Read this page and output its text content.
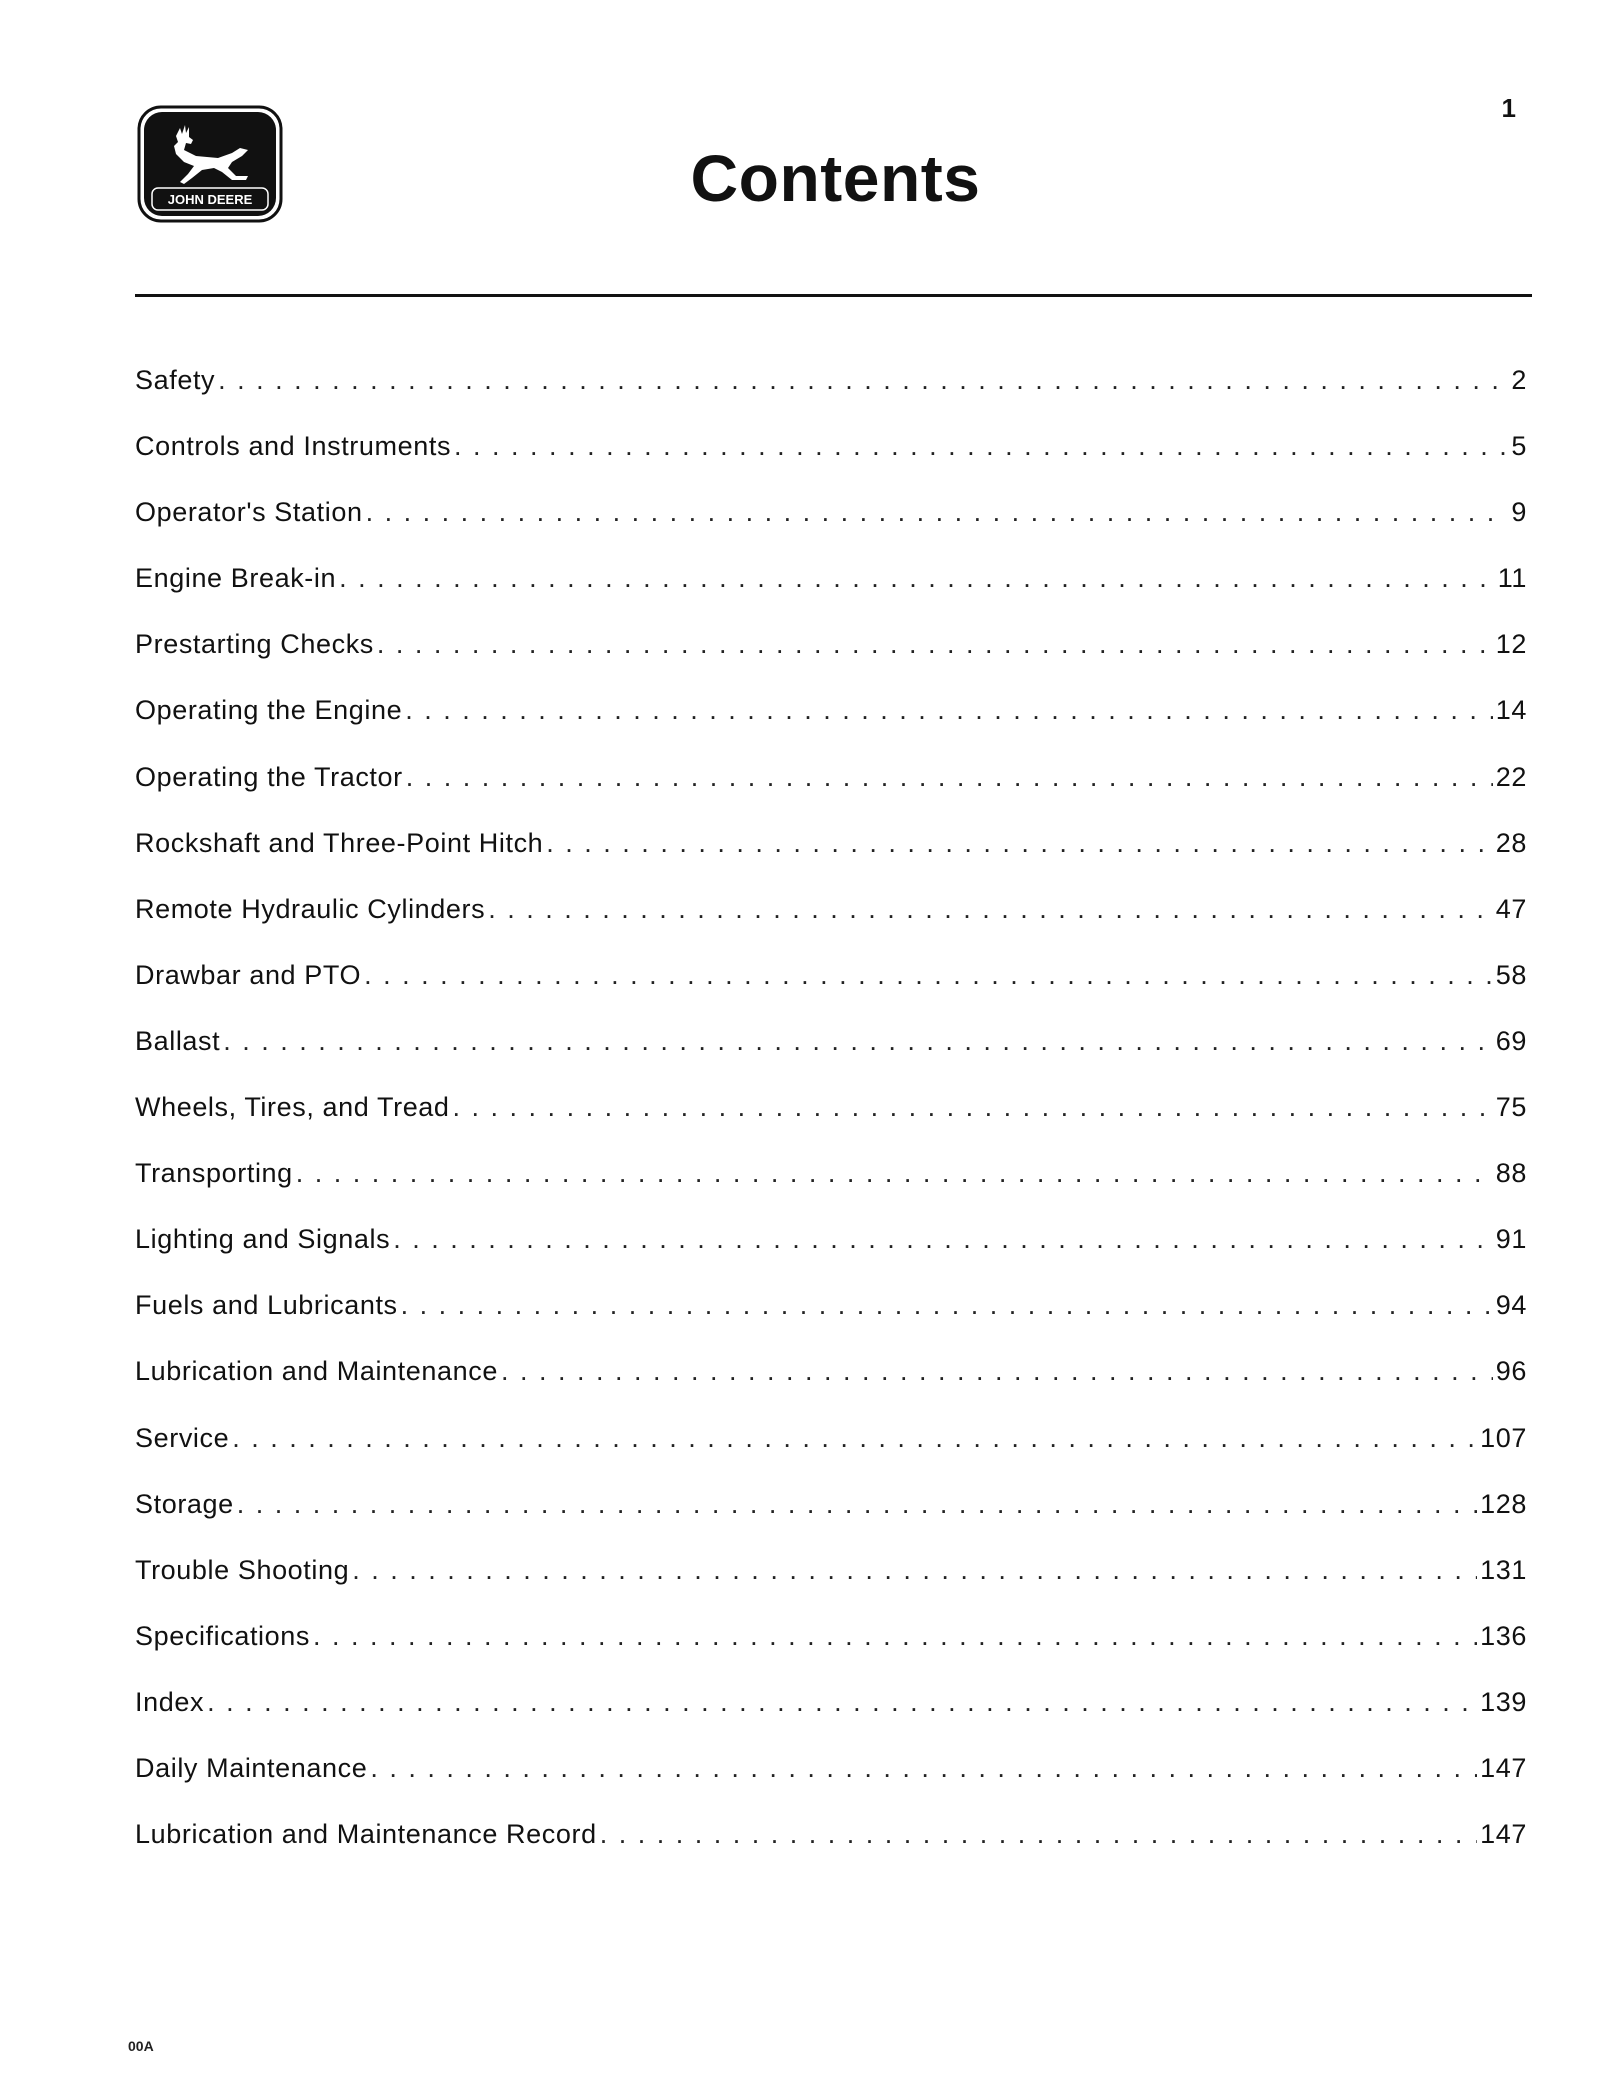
JOHN DEERE
1
Contents
Safety . . .	2
Controls and Instruments . . .	5
Operator's Station . . .	9
Engine Break-in . . .	11
Prestarting Checks . . .	12
Operating the Engine . . .	14
Operating the Tractor . . .	22
Rockshaft and Three-Point Hitch . . .	28
Remote Hydraulic Cylinders . . .	47
Drawbar and PTO . . .	58
Ballast . . .	69
Wheels, Tires, and Tread . . .	75
Transporting . . .	88
Lighting and Signals . . .	91
Fuels and Lubricants . . .	94
Lubrication and Maintenance . . .	96
Service . . .	107
Storage . . .	128
Trouble Shooting . . .	131
Specifications . . .	136
Index . . .	139
Daily Maintenance . . .	147
Lubrication and Maintenance Record . . .	147
00A
